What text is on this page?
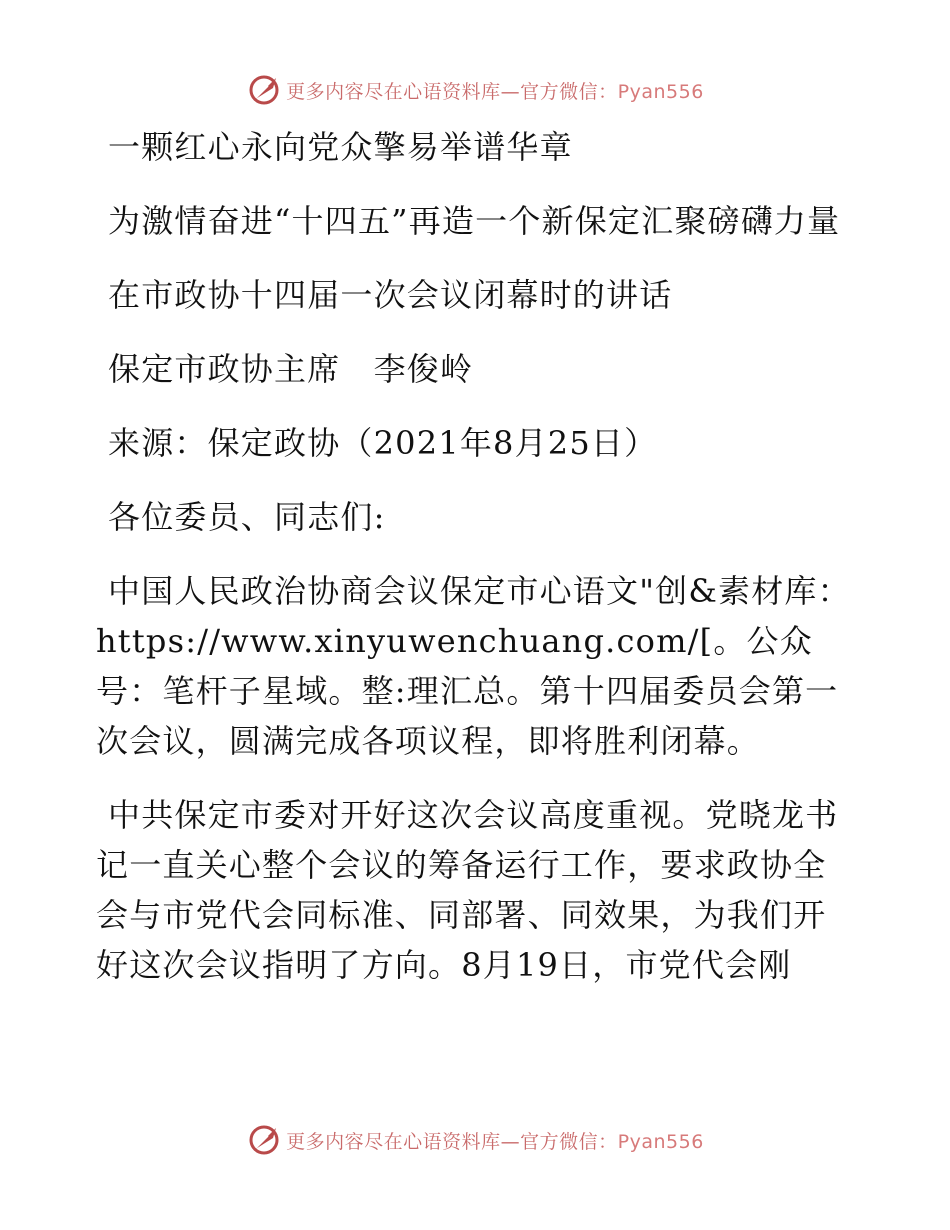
更多内容尽在心语资料库—官方微信：Pyan556

一颗红心永向党众擎易举谱华章

为激情奋进“十四五”再造一个新保定汇聚磅礴力量

在市政协十四届一次会议闭幕时的讲话

保定市政协主席　李俊岭

来源：保定政协（2021年8月25日）

各位委员、同志们:

中国人民政治协商会议保定市心语文"创&素材库：https://www.xinyuwenchuang.com/[。公众号：笔杆子星域。整:理汇总。第十四届委员会第一次会议，圆满完成各项议程，即将胜利闭幕。

中共保定市委对开好这次会议高度重视。党晓龙书记一直关心整个会议的筹备运行工作，要求政协全会与市党代会同标准、同部署、同效果，为我们开好这次会议指明了方向。8月19日，市党代会刚

更多内容尽在心语资料库—官方微信：Pyan556
